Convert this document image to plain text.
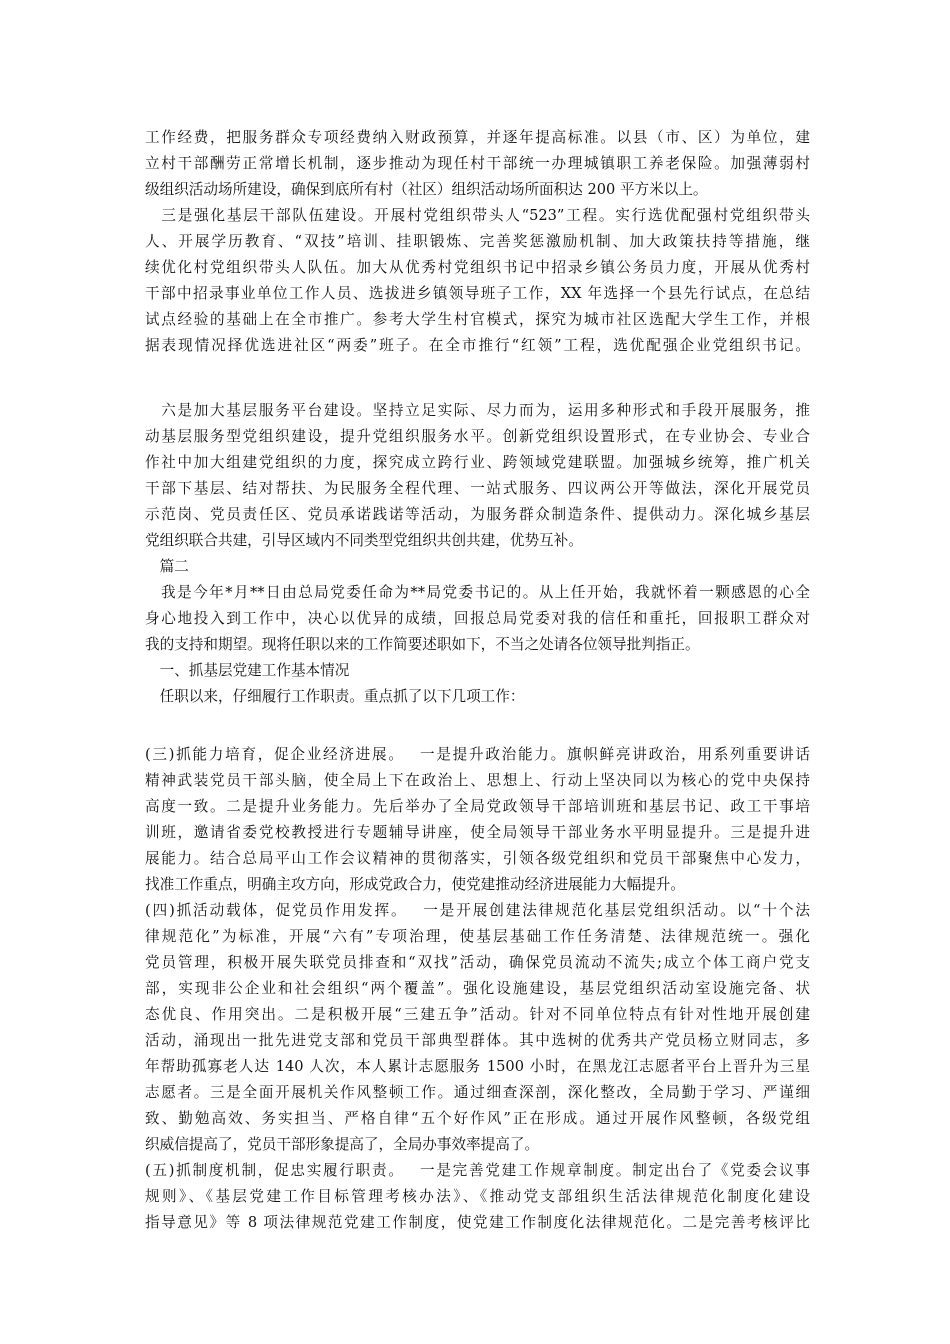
工作经费，把服务群众专项经费纳入财政预算，并逐年提高标准。以县（市、区）为单位，建
立村干部酬劳正常增长机制，逐步推动为现任村干部统一办理城镇职工养老保险。加强薄弱村
级组织活动场所建设，确保到底所有村（社区）组织活动场所面积达 200 平方米以上。
　三是强化基层干部队伍建设。开展村党组织带头人“523”工程。实行选优配强村党组织带头
人、开展学历教育、“双技”培训、挂职锻炼、完善奖惩激励机制、加大政策扶持等措施，继
续优化村党组织带头人队伍。加大从优秀村党组织书记中招录乡镇公务员力度，开展从优秀村
干部中招录事业单位工作人员、选拔进乡镇领导班子工作，XX 年选择一个县先行试点，在总结
试点经验的基础上在全市推广。参考大学生村官模式，探究为城市社区选配大学生工作，并根
据表现情况择优选进社区“两委”班子。在全市推行“红领”工程，选优配强企业党组织书记。
　六是加大基层服务平台建设。坚持立足实际、尽力而为，运用多种形式和手段开展服务，推
动基层服务型党组织建设，提升党组织服务水平。创新党组织设置形式，在专业协会、专业合
作社中加大组建党组织的力度，探究成立跨行业、跨领域党建联盟。加强城乡统筹，推广机关
干部下基层、结对帮扶、为民服务全程代理、一站式服务、四议两公开等做法，深化开展党员
示范岗、党员责任区、党员承诺践诺等活动，为服务群众制造条件、提供动力。深化城乡基层
党组织联合共建，引导区域内不同类型党组织共创共建，优势互补。
　篇二
　我是今年*月**日由总局党委任命为**局党委书记的。从上任开始，我就怀着一颗感恩的心全
身心地投入到工作中，决心以优异的成绩，回报总局党委对我的信任和重托，回报职工群众对
我的支持和期望。现将任职以来的工作简要述职如下，不当之处请各位领导批判指正。
　一、抓基层党建工作基本情况
　任职以来，仔细履行工作职责。重点抓了以下几项工作：
(三)抓能力培育，促企业经济进展。　 一是提升政治能力。旗帜鲜亮讲政治，用系列重要讲话
精神武装党员干部头脑，使全局上下在政治上、思想上、行动上坚决同以为核心的党中央保持
高度一致。二是提升业务能力。先后举办了全局党政领导干部培训班和基层书记、政工干事培
训班，邀请省委党校教授进行专题辅导讲座，使全局领导干部业务水平明显提升。三是提升进
展能力。结合总局平山工作会议精神的贯彻落实，引领各级党组织和党员干部聚焦中心发力，
找准工作重点，明确主攻方向，形成党政合力，使党建推动经济进展能力大幅提升。
(四)抓活动载体，促党员作用发挥。　 一是开展创建法律规范化基层党组织活动。以“十个法
律规范化”为标准，开展“六有”专项治理，使基层基础工作任务清楚、法律规范统一。强化
党员管理，积极开展失联党员排查和“双找”活动，确保党员流动不流失;成立个体工商户党支
部，实现非公企业和社会组织“两个覆盖”。强化设施建设，基层党组织活动室设施完备、状
态优良、作用突出。二是积极开展“三建五争”活动。针对不同单位特点有针对性地开展创建
活动，涌现出一批先进党支部和党员干部典型群体。其中选树的优秀共产党员杨立财同志，多
年帮助孤寡老人达 140 人次，本人累计志愿服务 1500 小时，在黑龙江志愿者平台上晋升为三星
志愿者。三是全面开展机关作风整顿工作。通过细查深剖，深化整改，全局勤于学习、严谨细
致、勤勉高效、务实担当、严格自律“五个好作风”正在形成。通过开展作风整顿，各级党组
织威信提高了，党员干部形象提高了，全局办事效率提高了。
(五)抓制度机制，促忠实履行职责。　 一是完善党建工作规章制度。制定出台了《党委会议事
规则》、《基层党建工作目标管理考核办法》、《推动党支部组织生活法律规范化制度化建设
指导意见》等 8 项法律规范党建工作制度，使党建工作制度化法律规范化。二是完善考核评比
